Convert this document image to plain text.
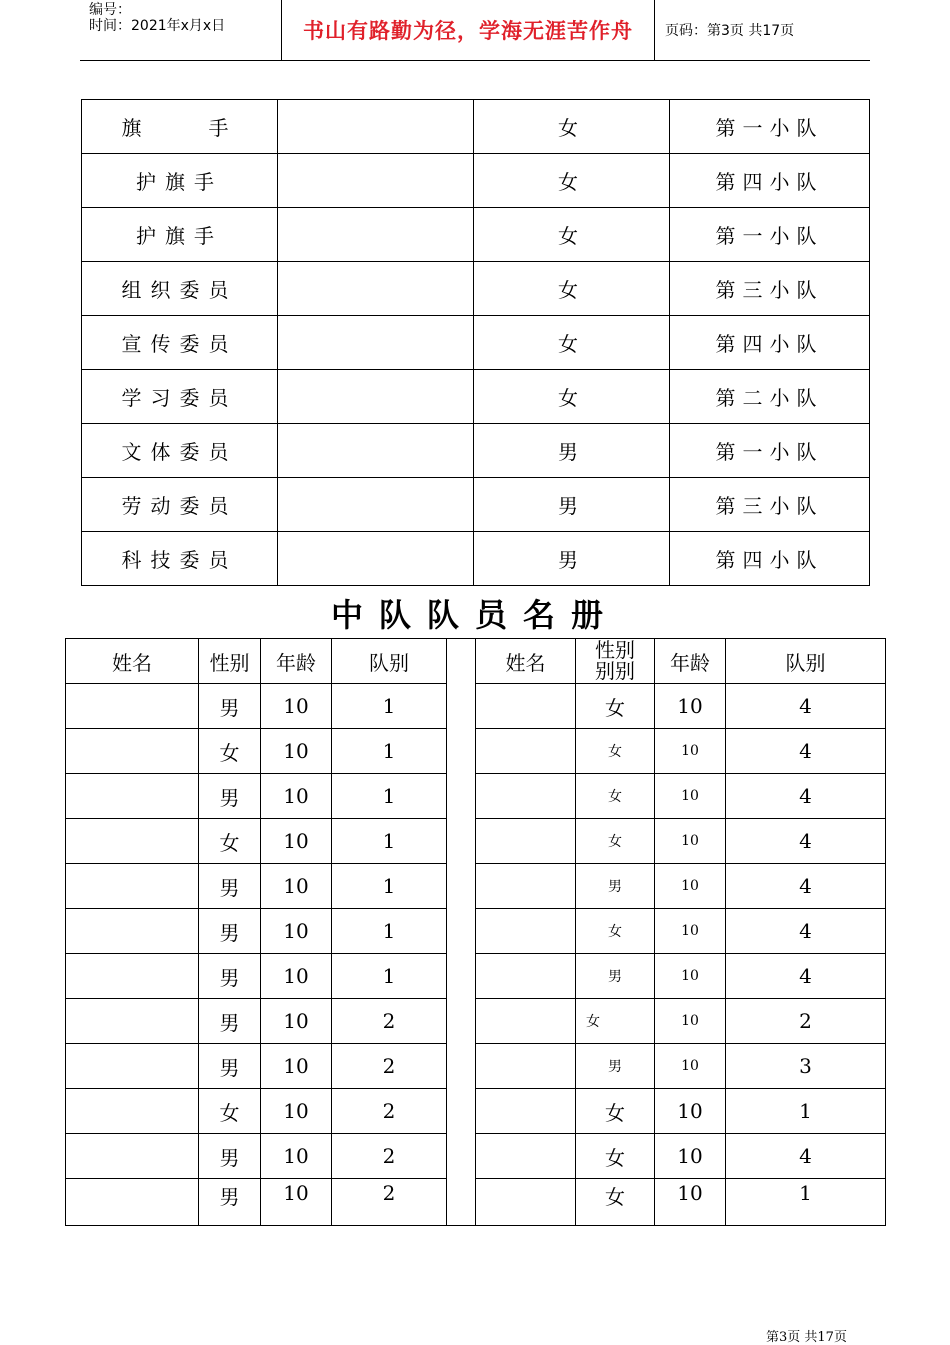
编号：
时间：2021年x月x日	书山有路勤为径，学海无涯苦作舟	页码：第3页 共17页
旗　　手		女	第一小队
护旗手		女	第四小队
护旗手		女	第一小队
组织委员		女	第三小队
宣传委员		女	第四小队
学习委员		女	第二小队
文体委员		男	第一小队
劳动委员		男	第三小队
科技委员		男	第四小队
中队队员名册
姓名	性别	年龄	队别		姓名	性别别别	年龄	队别
	男	10	1			女	10	4
	女	10	1			女	10	4
	男	10	1			女	10	4
	女	10	1			女	10	4
	男	10	1			男	10	4
	男	10	1			女	10	4
	男	10	1			男	10	4
	男	10	2			女	10	2
	男	10	2			男	10	3
	女	10	2			女	10	1
	男	10	2			女	10	4
	男	10	2			女	10	1
第3页 共17页
